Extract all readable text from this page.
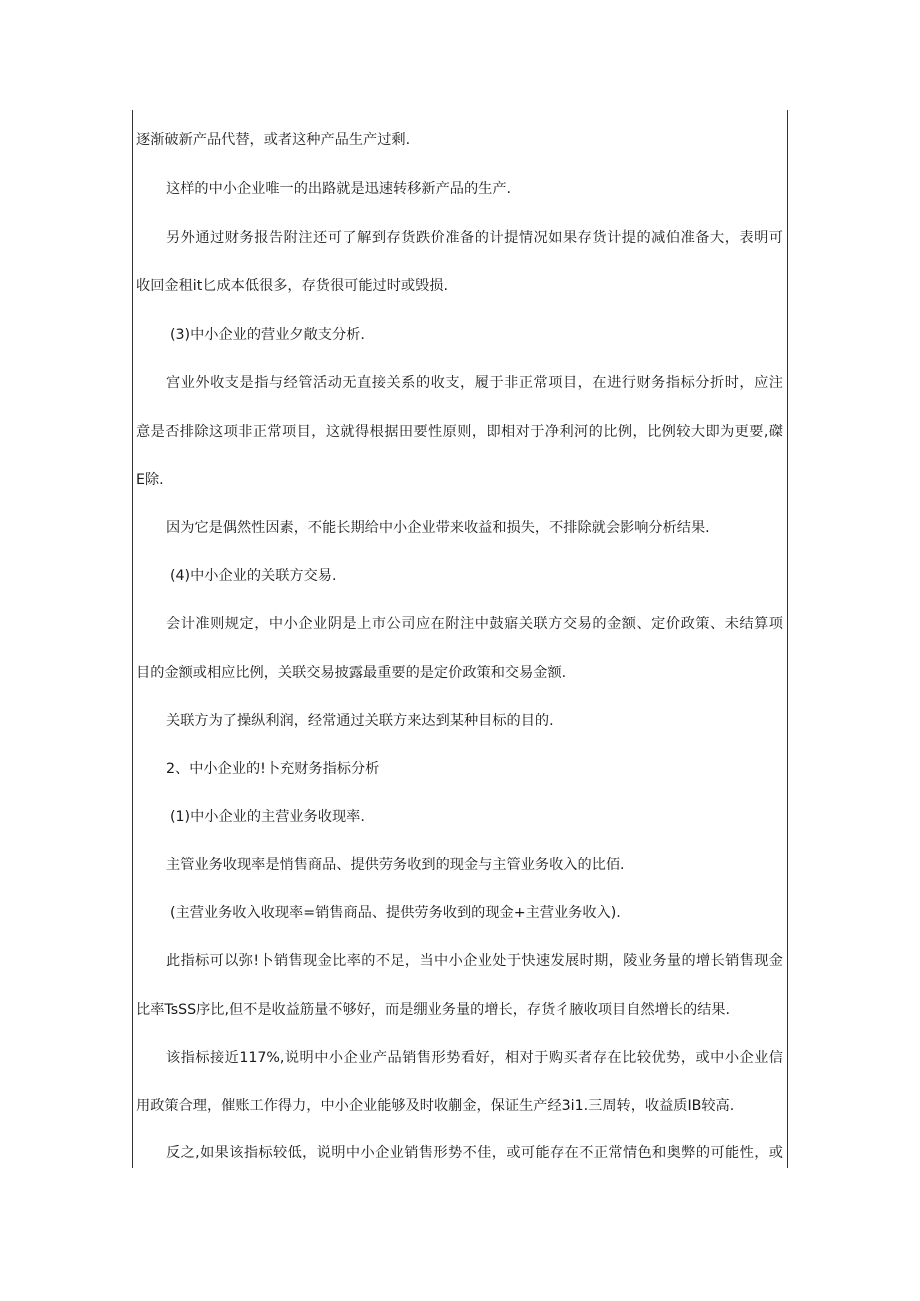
逐渐破新产品代替，或者这种产品生产过剩.
这样的中小企业唯一的出路就是迅速转移新产品的生产.
另外通过财务报告附注还可了解到存货跌价准备的计提情况如果存货计提的减伯准备大，表明可
收回金租it匕成本低很多，存货很可能过时或毁损.
(3)中小企业的营业夕敞支分析.
宫业外收支是指与经管活动无直接关系的收支，履于非正常项目，在进行财务指标分折时，应注
意是否排除这项非正常项目，这就得根据田要性原则，即相对于净利河的比例，比例较大即为更要,磔
E除.
因为它是偶然性因素，不能长期给中小企业带来收益和损失，不排除就会影响分析结果.
(4)中小企业的关联方交易.
会计准则规定，中小企业阴是上市公司应在附注中鼓寤关联方交易的金额、定价政策、未结算项
目的金额或相应比例，关联交易披露最重要的是定价政策和交易金额.
关联方为了操纵利润，经常通过关联方来达到某种目标的目的.
2、中小企业的!卜充财务指标分析
(1)中小企业的主营业务收现率.
主管业务收现率是悄售商品、提供劳务收到的现金与主管业务收入的比佰.
(主营业务收入收现率=销售商品、提供劳务收到的现金+主营业务收入).
此指标可以弥!卜销售现金比率的不足，当中小企业处于快速发展时期，陵业务量的增长销售现金
比率TsSS序比,但不是收益筋量不够好，而是绷业务量的增长，存货彳腋收项目自然增长的结果.
该指标接近117%,说明中小企业产品销售形势看好，相对于购买者存在比较优势，或中小企业信
用政策合理，催账工作得力，中小企业能够及时收蒯金，保证生产经3i1.三周转，收益质IB较高.
反之,如果该指标较低，说明中小企业销售形势不佳，或可能存在不正常情色和奥弊的可能性，或
